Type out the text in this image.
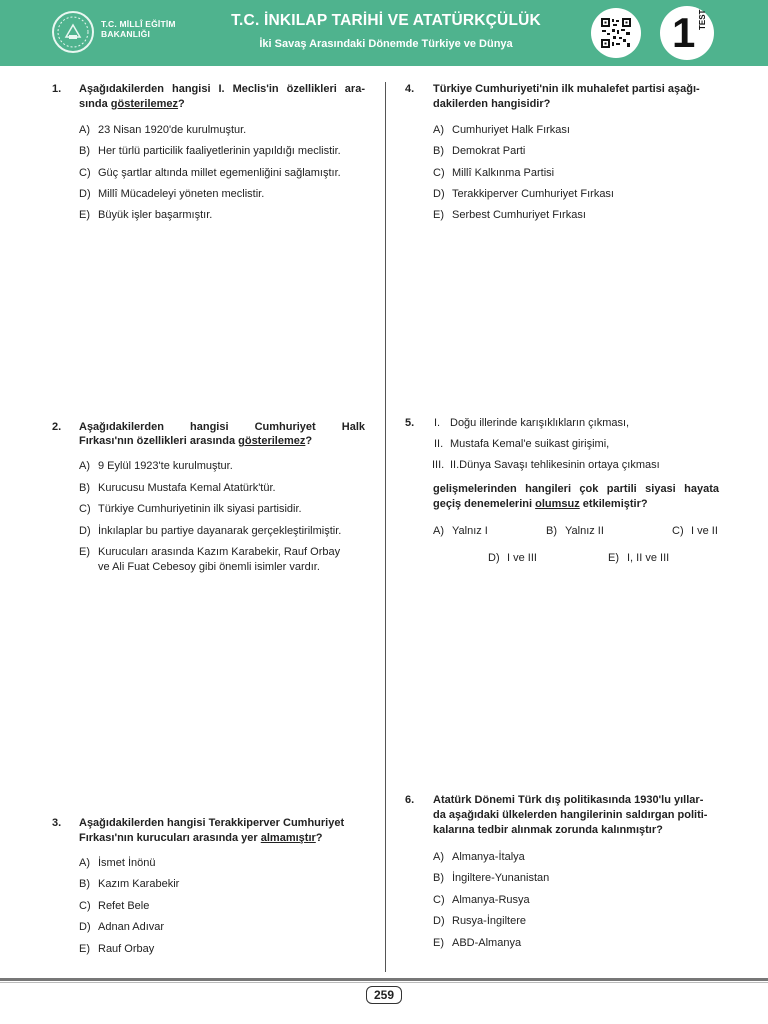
T.C. MİLLÎ EĞİTİM
BAKANLIĞI
T.C. İNKILAP TARİHİ VE ATATÜRKÇÜLÜK
İki Savaş Arasındaki Dönemde Türkiye ve Dünya	1 TEST
1. Aşağıdakilerden hangisi I. Meclis'in özellikleri ara-
sında gösterilemez?
A) 23 Nisan 1920'de kurulmuştur.
B) Her türlü particilik faaliyetlerinin yapıldığı meclistir.
C) Güç şartlar altında millet egemenliğini sağlamıştır.
D) Millî Mücadeleyi yöneten meclistir.
E) Büyük işler başarmıştır.
2. Aşağıdakilerden hangisi Cumhuriyet Halk
Fırkası'nın özellikleri arasında gösterilemez?
A) 9 Eylül 1923'te kurulmuştur.
B) Kurucusu Mustafa Kemal Atatürk'tür.
C) Türkiye Cumhuriyetinin ilk siyasi partisidir.
D) İnkılaplar bu partiye dayanarak gerçekleştirilmiştir.
E) Kurucuları arasında Kazım Karabekir, Rauf Orbay
ve Ali Fuat Cebesoy gibi önemli isimler vardır.
3. Aşağıdakilerden hangisi Terakkiperver Cumhuriyet
Fırkası'nın kurucuları arasında yer almamıştır?
A) İsmet İnönü
B) Kazım Karabekir
C) Refet Bele
D) Adnan Adıvar
E) Rauf Orbay
4. Türkiye Cumhuriyeti'nin ilk muhalefet partisi aşağı-
dakilerden hangisidir?
A) Cumhuriyet Halk Fırkası
B) Demokrat Parti
C) Millî Kalkınma Partisi
D) Terakkiperver Cumhuriyet Fırkası
E) Serbest Cumhuriyet Fırkası
5. I. Doğu illerinde karışıklıkların çıkması,
II. Mustafa Kemal'e suikast girişimi,
III. II.Dünya Savaşı tehlikesinin ortaya çıkması
gelişmelerinden hangileri çok partili siyasi hayata
geçiş denemelerini olumsuz etkilemiştir?
A) Yalnız I	B) Yalnız II	C) I ve II
D) I ve III	E) I, II ve III
6. Atatürk Dönemi Türk dış politikasında 1930'lu yıllar-
da aşağıdaki ülkelerden hangilerinin saldırgan politi-
kalarına tedbir alınmak zorunda kalınmıştır?
A) Almanya-İtalya
B) İngiltere-Yunanistan
C) Almanya-Rusya
D) Rusya-İngiltere
E) ABD-Almanya
259
